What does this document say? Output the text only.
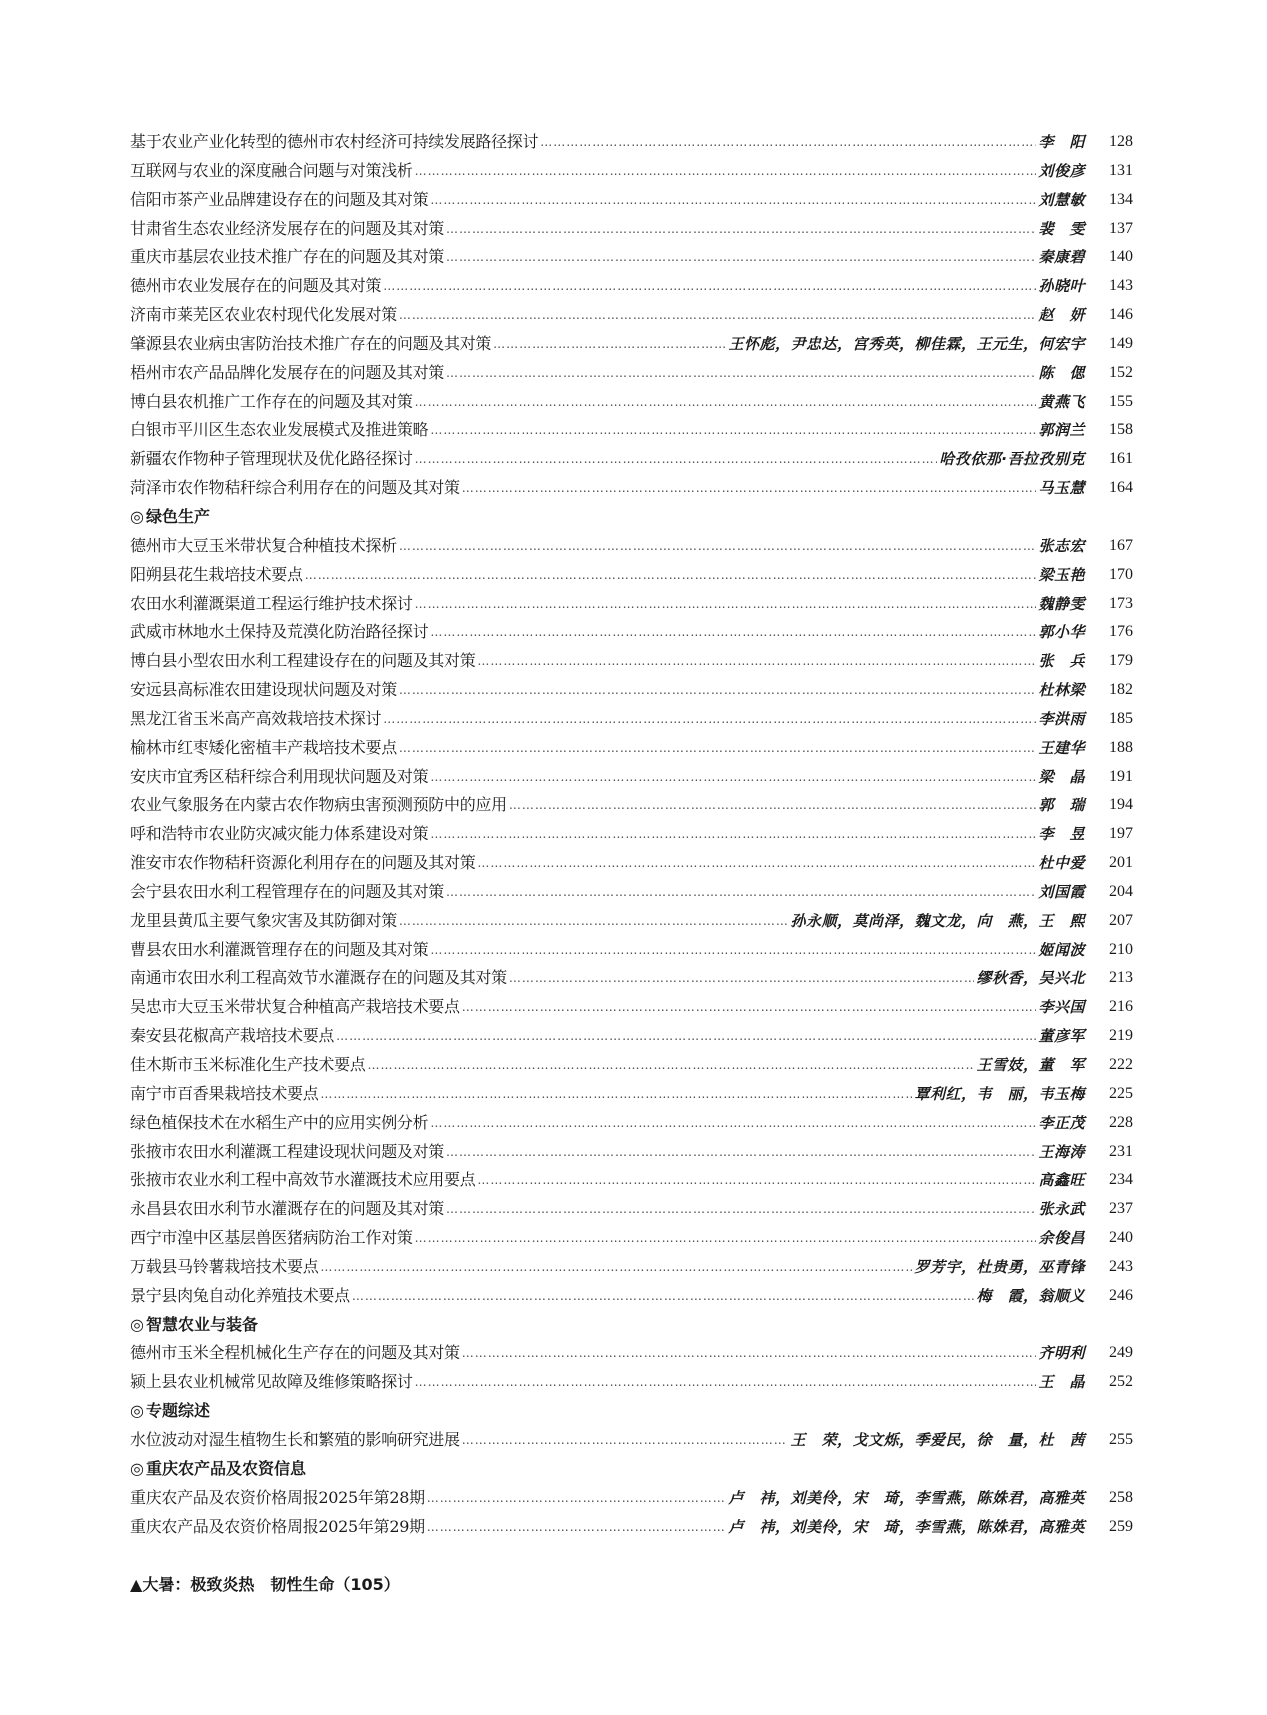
基于农业产业化转型的德州市农村经济可持续发展路径探讨 ……………………………………………………………………………………………………………………………………………………………………………………………………………	李　阳	128
互联网与农业的深度融合问题与对策浅析 ……………………………………………………………………………………………………………………………………………………………………………………………………………	刘俊彦	131
信阳市茶产业品牌建设存在的问题及其对策 ……………………………………………………………………………………………………………………………………………………………………………………………………………	刘慧敏	134
甘肃省生态农业经济发展存在的问题及其对策 ……………………………………………………………………………………………………………………………………………………………………………………………………………	裴　雯	137
重庆市基层农业技术推广存在的问题及其对策 ……………………………………………………………………………………………………………………………………………………………………………………………………………	秦康碧	140
德州市农业发展存在的问题及其对策 ……………………………………………………………………………………………………………………………………………………………………………………………………………	孙晓叶	143
济南市莱芜区农业农村现代化发展对策 ……………………………………………………………………………………………………………………………………………………………………………………………………………	赵　妍	146
肇源县农业病虫害防治技术推广存在的问题及其对策 ……………………………………………………………………………………………………………………………………………………………………………………………………………	王怀彪，尹忠达，宫秀英，柳佳霖，王元生，何宏宇	149
梧州市农产品品牌化发展存在的问题及其对策 ……………………………………………………………………………………………………………………………………………………………………………………………………………	陈　偲	152
博白县农机推广工作存在的问题及其对策 ……………………………………………………………………………………………………………………………………………………………………………………………………………	黄燕飞	155
白银市平川区生态农业发展模式及推进策略 ……………………………………………………………………………………………………………………………………………………………………………………………………………	郭润兰	158
新疆农作物种子管理现状及优化路径探讨 ……………………………………………………………………………………………………………………………………………………………………………………………………………	哈孜依那·吾拉孜别克	161
菏泽市农作物秸秆综合利用存在的问题及其对策 ……………………………………………………………………………………………………………………………………………………………………………………………………………	马玉慧	164
◎ 绿色生产
德州市大豆玉米带状复合种植技术探析 ……………………………………………………………………………………………………………………………………………………………………………………………………………	张志宏	167
阳朔县花生栽培技术要点 ……………………………………………………………………………………………………………………………………………………………………………………………………………	梁玉艳	170
农田水利灌溉渠道工程运行维护技术探讨 ……………………………………………………………………………………………………………………………………………………………………………………………………………	魏静雯	173
武威市林地水土保持及荒漠化防治路径探讨 ……………………………………………………………………………………………………………………………………………………………………………………………………………	郭小华	176
博白县小型农田水利工程建设存在的问题及其对策 ……………………………………………………………………………………………………………………………………………………………………………………………………………	张　兵	179
安远县高标准农田建设现状问题及对策 ……………………………………………………………………………………………………………………………………………………………………………………………………………	杜林梁	182
黑龙江省玉米高产高效栽培技术探讨 ……………………………………………………………………………………………………………………………………………………………………………………………………………	李洪雨	185
榆林市红枣矮化密植丰产栽培技术要点 ……………………………………………………………………………………………………………………………………………………………………………………………………………	王建华	188
安庆市宜秀区秸秆综合利用现状问题及对策 ……………………………………………………………………………………………………………………………………………………………………………………………………………	梁　晶	191
农业气象服务在内蒙古农作物病虫害预测预防中的应用 ……………………………………………………………………………………………………………………………………………………………………………………………………………	郭　瑞	194
呼和浩特市农业防灾减灾能力体系建设对策 ……………………………………………………………………………………………………………………………………………………………………………………………………………	李　昱	197
淮安市农作物秸秆资源化利用存在的问题及其对策 ……………………………………………………………………………………………………………………………………………………………………………………………………………	杜中爱	201
会宁县农田水利工程管理存在的问题及其对策 ……………………………………………………………………………………………………………………………………………………………………………………………………………	刘国霞	204
龙里县黄瓜主要气象灾害及其防御对策 ……………………………………………………………………………………………………………………………………………………………………………………………………………	孙永顺，莫尚泽，魏文龙，向　燕，王　熙	207
曹县农田水利灌溉管理存在的问题及其对策 ……………………………………………………………………………………………………………………………………………………………………………………………………………	姬闻波	210
南通市农田水利工程高效节水灌溉存在的问题及其对策 ……………………………………………………………………………………………………………………………………………………………………………………………………………	缪秋香，吴兴北	213
吴忠市大豆玉米带状复合种植高产栽培技术要点 ……………………………………………………………………………………………………………………………………………………………………………………………………………	李兴国	216
秦安县花椒高产栽培技术要点 ……………………………………………………………………………………………………………………………………………………………………………………………………………	董彦军	219
佳木斯市玉米标准化生产技术要点 ……………………………………………………………………………………………………………………………………………………………………………………………………………	王雪妓，董　军	222
南宁市百香果栽培技术要点 ……………………………………………………………………………………………………………………………………………………………………………………………………………	覃利红，韦　丽，韦玉梅	225
绿色植保技术在水稻生产中的应用实例分析 ……………………………………………………………………………………………………………………………………………………………………………………………………………	李正茂	228
张掖市农田水利灌溉工程建设现状问题及对策 ……………………………………………………………………………………………………………………………………………………………………………………………………………	王海涛	231
张掖市农业水利工程中高效节水灌溉技术应用要点 ……………………………………………………………………………………………………………………………………………………………………………………………………………	高鑫旺	234
永昌县农田水利节水灌溉存在的问题及其对策 ……………………………………………………………………………………………………………………………………………………………………………………………………………	张永武	237
西宁市湟中区基层兽医猪病防治工作对策 ……………………………………………………………………………………………………………………………………………………………………………………………………………	余俊昌	240
万载县马铃薯栽培技术要点 ……………………………………………………………………………………………………………………………………………………………………………………………………………	罗芳宇，杜贵勇，巫青锋	243
景宁县肉兔自动化养殖技术要点 ……………………………………………………………………………………………………………………………………………………………………………………………………………	梅　霞，翁顺义	246
◎ 智慧农业与装备
德州市玉米全程机械化生产存在的问题及其对策 ……………………………………………………………………………………………………………………………………………………………………………………………………………	齐明利	249
颍上县农业机械常见故障及维修策略探讨 ……………………………………………………………………………………………………………………………………………………………………………………………………………	王　晶	252
◎ 专题综述
水位波动对湿生植物生长和繁殖的影响研究进展 ……………………………………………………………………………………………………………………………………………………………………………………………………………	王　荣，戈文烁，季爱民，徐　量，杜　茜	255
◎ 重庆农产品及农资信息
重庆农产品及农资价格周报2025年第28期 ……………………………………………………………………………………………………………………………………………………………………………………………………………	卢　祎，刘美伶，宋　琦，李雪燕，陈姝君，高雅英	258
重庆农产品及农资价格周报2025年第29期 ……………………………………………………………………………………………………………………………………………………………………………………………………………	卢　祎，刘美伶，宋　琦，李雪燕，陈姝君，高雅英	259
▲大暑：极致炎热　韧性生命（105）
